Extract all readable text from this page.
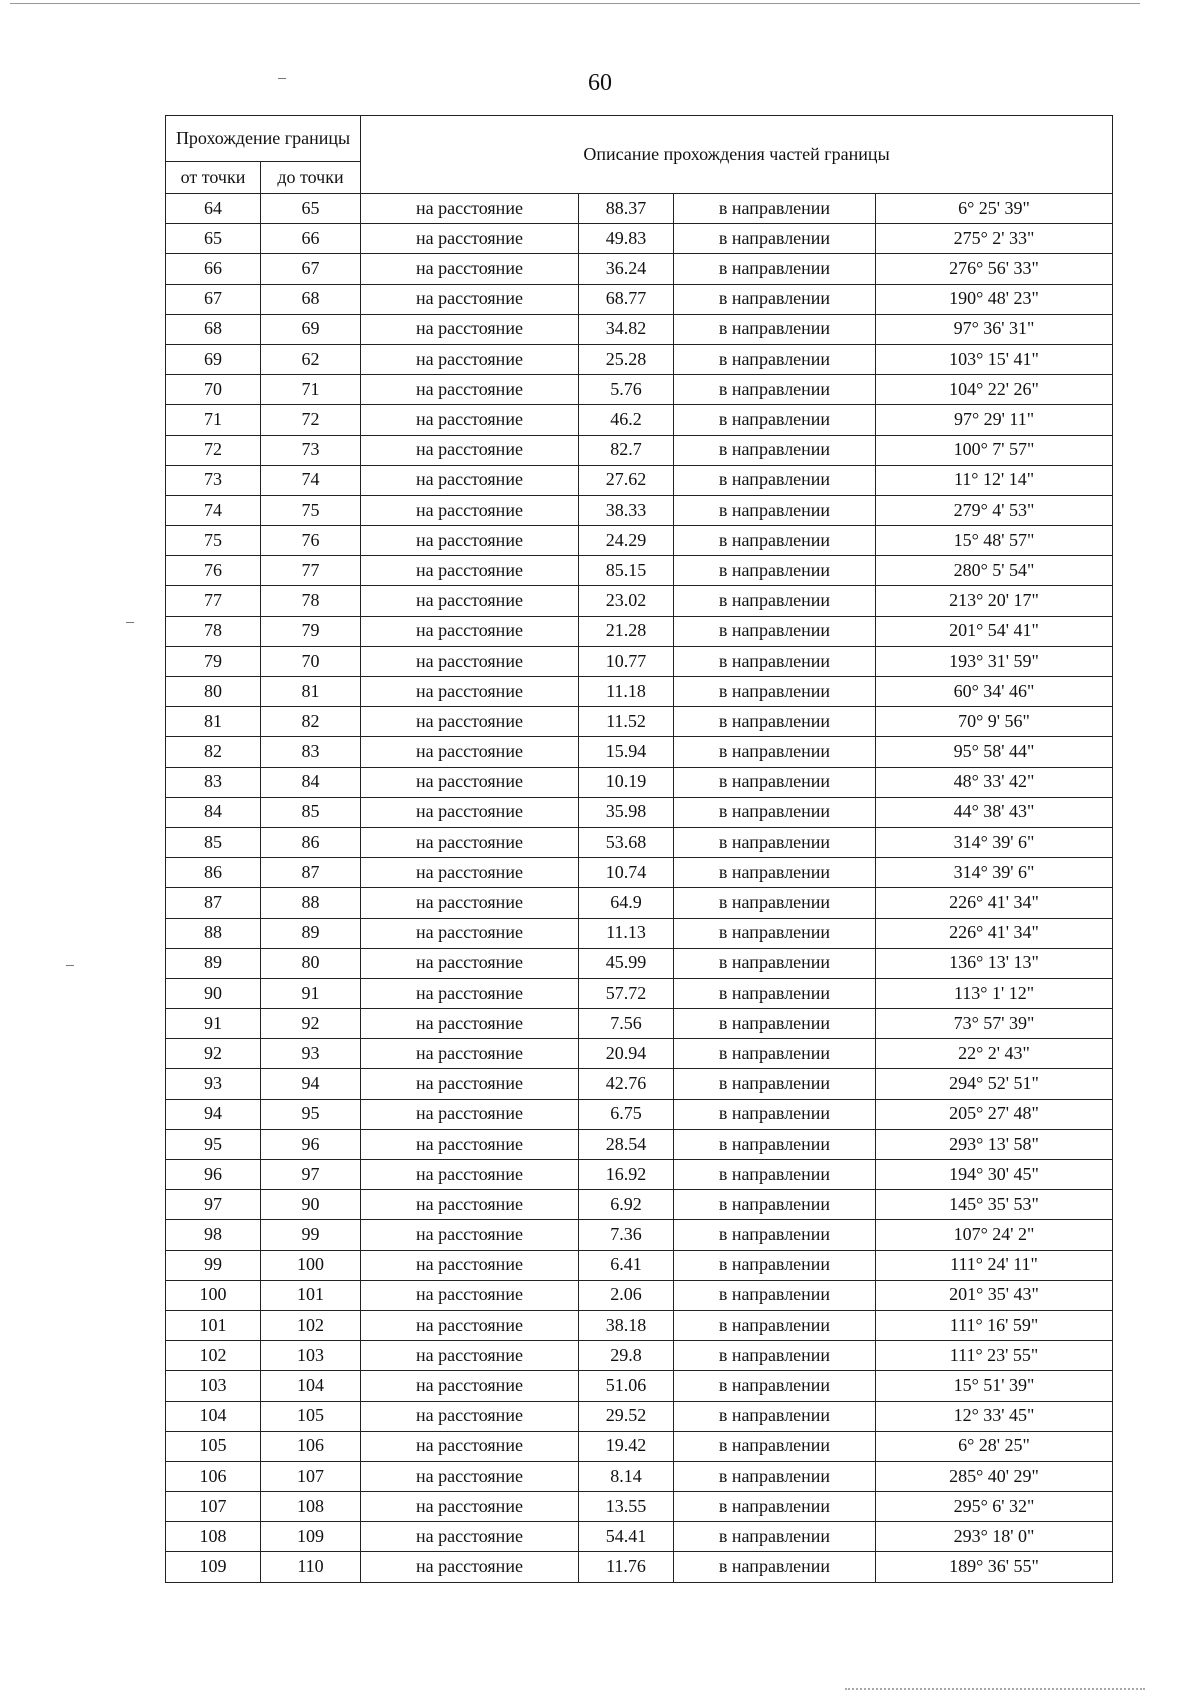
60
Прохождение границы		Описание прохождения частей границы			
от точки	до точки				
64	65	на расстояние	88.37	в направлении	6° 25' 39"
65	66	на расстояние	49.83	в направлении	275° 2' 33"
66	67	на расстояние	36.24	в направлении	276° 56' 33"
67	68	на расстояние	68.77	в направлении	190° 48' 23"
68	69	на расстояние	34.82	в направлении	97° 36' 31"
69	62	на расстояние	25.28	в направлении	103° 15' 41"
70	71	на расстояние	5.76	в направлении	104° 22' 26"
71	72	на расстояние	46.2	в направлении	97° 29' 11"
72	73	на расстояние	82.7	в направлении	100° 7' 57"
73	74	на расстояние	27.62	в направлении	11° 12' 14"
74	75	на расстояние	38.33	в направлении	279° 4' 53"
75	76	на расстояние	24.29	в направлении	15° 48' 57"
76	77	на расстояние	85.15	в направлении	280° 5' 54"
77	78	на расстояние	23.02	в направлении	213° 20' 17"
78	79	на расстояние	21.28	в направлении	201° 54' 41"
79	70	на расстояние	10.77	в направлении	193° 31' 59"
80	81	на расстояние	11.18	в направлении	60° 34' 46"
81	82	на расстояние	11.52	в направлении	70° 9' 56"
82	83	на расстояние	15.94	в направлении	95° 58' 44"
83	84	на расстояние	10.19	в направлении	48° 33' 42"
84	85	на расстояние	35.98	в направлении	44° 38' 43"
85	86	на расстояние	53.68	в направлении	314° 39' 6"
86	87	на расстояние	10.74	в направлении	314° 39' 6"
87	88	на расстояние	64.9	в направлении	226° 41' 34"
88	89	на расстояние	11.13	в направлении	226° 41' 34"
89	80	на расстояние	45.99	в направлении	136° 13' 13"
90	91	на расстояние	57.72	в направлении	113° 1' 12"
91	92	на расстояние	7.56	в направлении	73° 57' 39"
92	93	на расстояние	20.94	в направлении	22° 2' 43"
93	94	на расстояние	42.76	в направлении	294° 52' 51"
94	95	на расстояние	6.75	в направлении	205° 27' 48"
95	96	на расстояние	28.54	в направлении	293° 13' 58"
96	97	на расстояние	16.92	в направлении	194° 30' 45"
97	90	на расстояние	6.92	в направлении	145° 35' 53"
98	99	на расстояние	7.36	в направлении	107° 24' 2"
99	100	на расстояние	6.41	в направлении	111° 24' 11"
100	101	на расстояние	2.06	в направлении	201° 35' 43"
101	102	на расстояние	38.18	в направлении	111° 16' 59"
102	103	на расстояние	29.8	в направлении	111° 23' 55"
103	104	на расстояние	51.06	в направлении	15° 51' 39"
104	105	на расстояние	29.52	в направлении	12° 33' 45"
105	106	на расстояние	19.42	в направлении	6° 28' 25"
106	107	на расстояние	8.14	в направлении	285° 40' 29"
107	108	на расстояние	13.55	в направлении	295° 6' 32"
108	109	на расстояние	54.41	в направлении	293° 18' 0"
109	110	на расстояние	11.76	в направлении	189° 36' 55"
